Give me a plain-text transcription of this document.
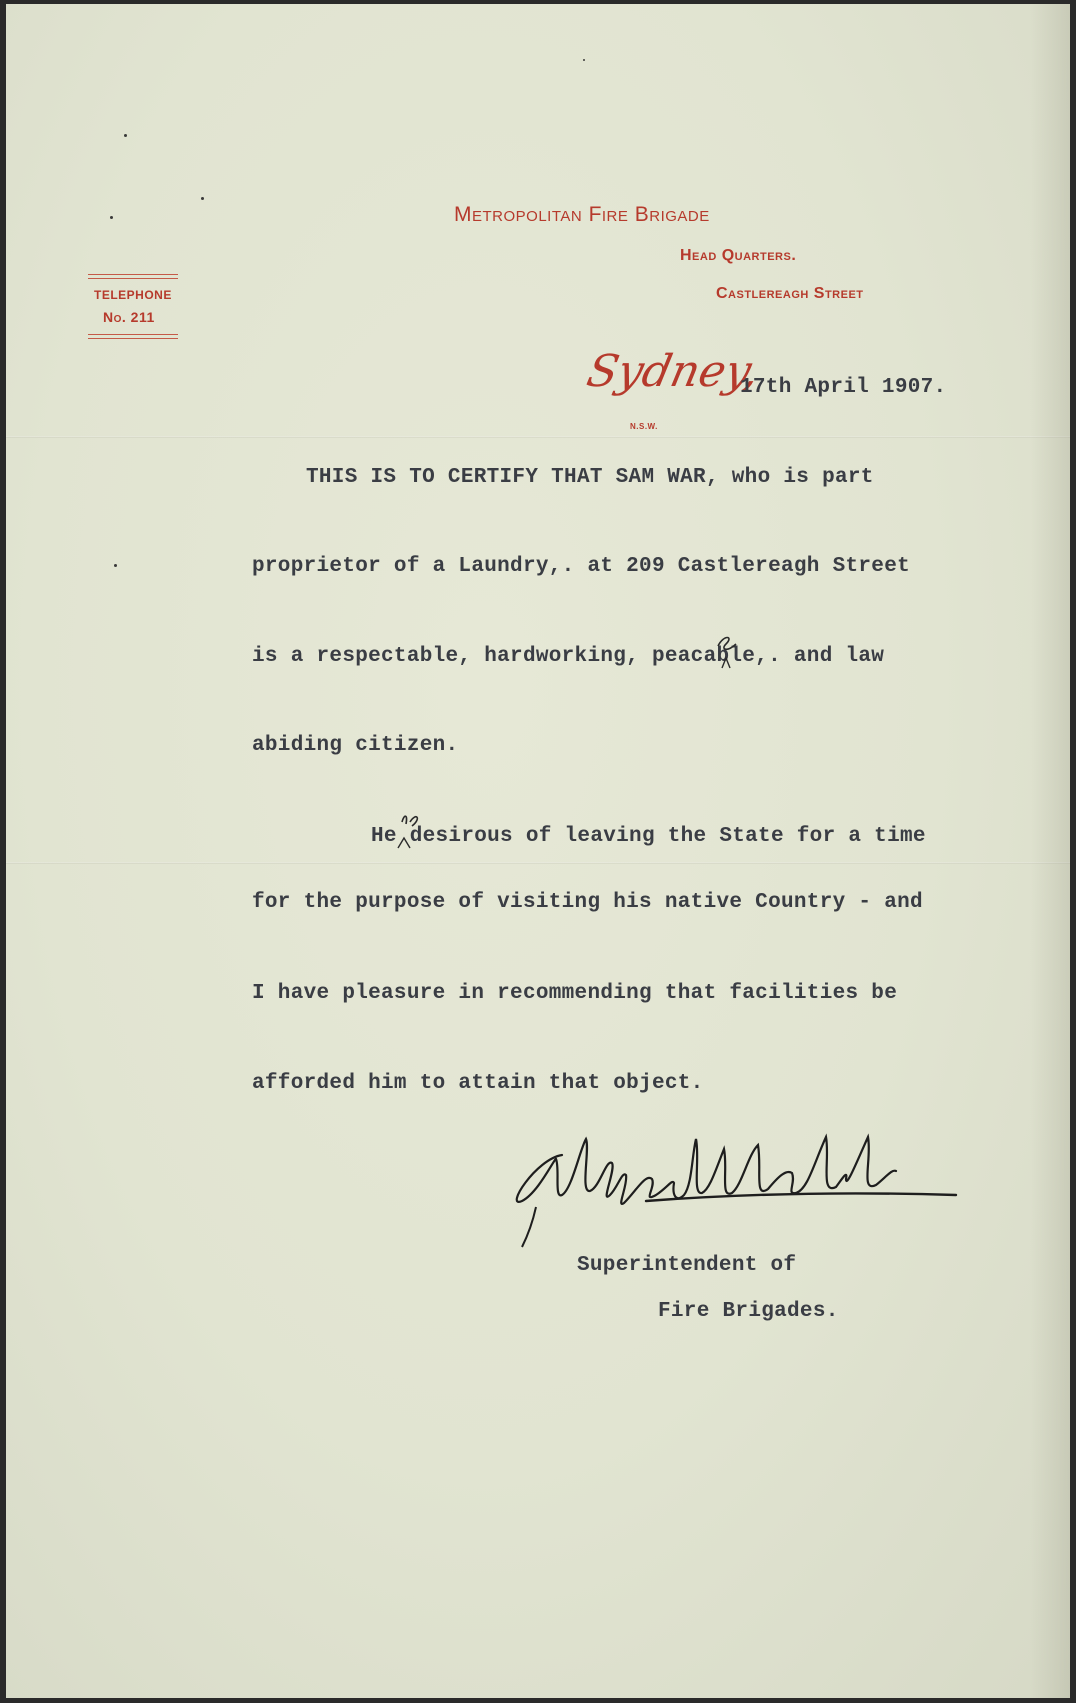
Metropolitan Fire Brigade
Head Quarters.
Castlereagh Street
TELEPHONE
No. 211
Sydney,
N.S.W.
17th April 1907.
THIS IS TO CERTIFY THAT SAM WAR, who is part
proprietor of a Laundry,. at 209 Castlereagh Street
is a respectable, hardworking, peacable,. and law
abiding citizen.
He desirous of leaving the State for a time
for the purpose of visiting his native Country - and
I have pleasure in recommending that facilities be
afforded him to attain that object.
Superintendent of
Fire Brigades.
